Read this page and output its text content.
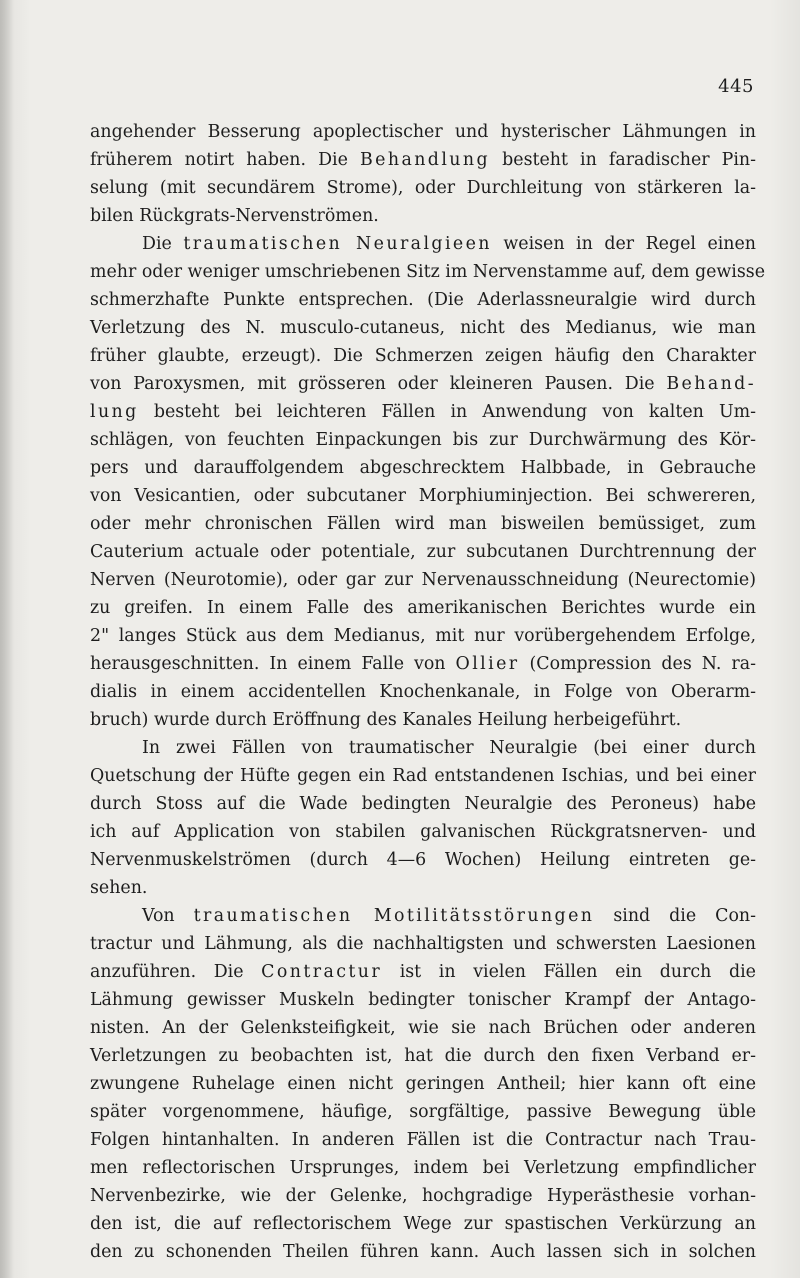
445
angehender Besserung apoplectischer und hysterischer Lähmungen in
früherem notirt haben. Die Behandlung besteht in faradischer Pin-
selung (mit secundärem Strome), oder Durchleitung von stärkeren la-
bilen Rückgrats-Nervenströmen.
Die traumatischen Neuralgieen weisen in der Regel einen
mehr oder weniger umschriebenen Sitz im Nervenstamme auf, dem gewisse
schmerzhafte Punkte entsprechen. (Die Aderlassneuralgie wird durch
Verletzung des N. musculo-cutaneus, nicht des Medianus, wie man
früher glaubte, erzeugt). Die Schmerzen zeigen häufig den Charakter
von Paroxysmen, mit grösseren oder kleineren Pausen. Die Behand-
lung besteht bei leichteren Fällen in Anwendung von kalten Um-
schlägen, von feuchten Einpackungen bis zur Durchwärmung des Kör-
pers und darauffolgendem abgeschrecktem Halbbade, in Gebrauche
von Vesicantien, oder subcutaner Morphiuminjection. Bei schwereren,
oder mehr chronischen Fällen wird man bisweilen bemüssiget, zum
Cauterium actuale oder potentiale, zur subcutanen Durchtrennung der
Nerven (Neurotomie), oder gar zur Nervenausschneidung (Neurectomie)
zu greifen. In einem Falle des amerikanischen Berichtes wurde ein
2" langes Stück aus dem Medianus, mit nur vorübergehendem Erfolge,
herausgeschnitten. In einem Falle von Ollier (Compression des N. ra-
dialis in einem accidentellen Knochenkanale, in Folge von Oberarm-
bruch) wurde durch Eröffnung des Kanales Heilung herbeigeführt.
In zwei Fällen von traumatischer Neuralgie (bei einer durch
Quetschung der Hüfte gegen ein Rad entstandenen Ischias, und bei einer
durch Stoss auf die Wade bedingten Neuralgie des Peroneus) habe
ich auf Application von stabilen galvanischen Rückgratsnerven- und
Nervenmuskelströmen (durch 4—6 Wochen) Heilung eintreten ge-
sehen.
Von traumatischen Motilitätsstörungen sind die Con-
tractur und Lähmung, als die nachhaltigsten und schwersten Laesionen
anzuführen. Die Contractur ist in vielen Fällen ein durch die
Lähmung gewisser Muskeln bedingter tonischer Krampf der Antago-
nisten. An der Gelenksteifigkeit, wie sie nach Brüchen oder anderen
Verletzungen zu beobachten ist, hat die durch den fixen Verband er-
zwungene Ruhelage einen nicht geringen Antheil; hier kann oft eine
später vorgenommene, häufige, sorgfältige, passive Bewegung üble
Folgen hintanhalten. In anderen Fällen ist die Contractur nach Trau-
men reflectorischen Ursprunges, indem bei Verletzung empfindlicher
Nervenbezirke, wie der Gelenke, hochgradige Hyperästhesie vorhan-
den ist, die auf reflectorischem Wege zur spastischen Verkürzung an
den zu schonenden Theilen führen kann. Auch lassen sich in solchen
